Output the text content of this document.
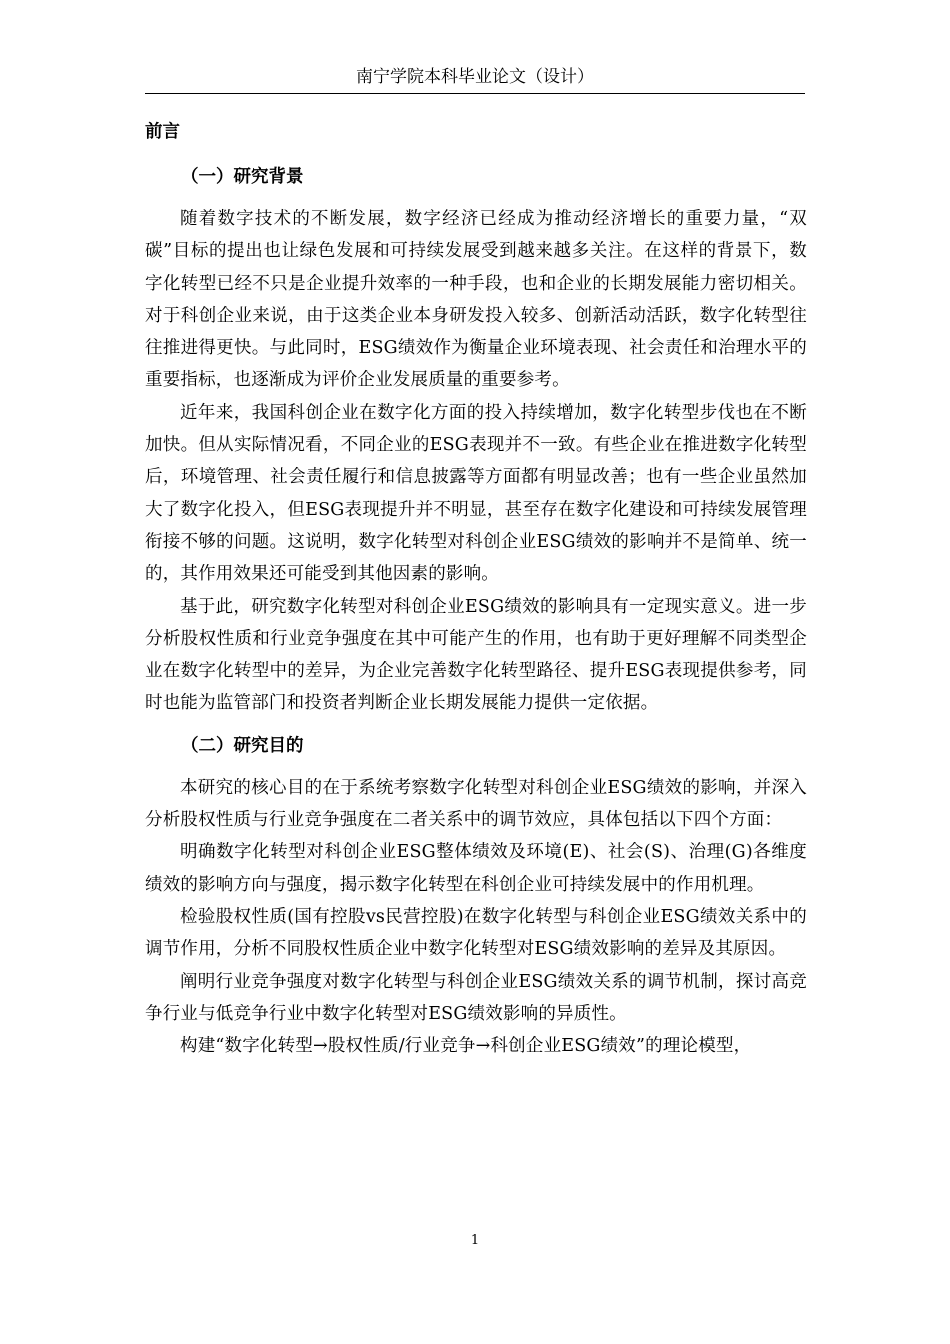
南宁学院本科毕业论文（设计）
前言
（一）研究背景

随着数字技术的不断发展，数字经济已经成为推动经济增长的重要力量，“双碳”目标的提出也让绿色发展和可持续发展受到越来越多关注。在这样的背景下，数字化转型已经不只是企业提升效率的一种手段，也和企业的长期发展能力密切相关。对于科创企业来说，由于这类企业本身研发投入较多、创新活动活跃，数字化转型往往推进得更快。与此同时，ESG绩效作为衡量企业环境表现、社会责任和治理水平的重要指标，也逐渐成为评价企业发展质量的重要参考。

近年来，我国科创企业在数字化方面的投入持续增加，数字化转型步伐也在不断加快。但从实际情况看，不同企业的ESG表现并不一致。有些企业在推进数字化转型后，环境管理、社会责任履行和信息披露等方面都有明显改善；也有一些企业虽然加大了数字化投入，但ESG表现提升并不明显，甚至存在数字化建设和可持续发展管理衔接不够的问题。这说明，数字化转型对科创企业ESG绩效的影响并不是简单、统一的，其作用效果还可能受到其他因素的影响。

基于此，研究数字化转型对科创企业ESG绩效的影响具有一定现实意义。进一步分析股权性质和行业竞争强度在其中可能产生的作用，也有助于更好理解不同类型企业在数字化转型中的差异，为企业完善数字化转型路径、提升ESG表现提供参考，同时也能为监管部门和投资者判断企业长期发展能力提供一定依据。

（二）研究目的

本研究的核心目的在于系统考察数字化转型对科创企业ESG绩效的影响，并深入分析股权性质与行业竞争强度在二者关系中的调节效应，具体包括以下四个方面：

明确数字化转型对科创企业ESG整体绩效及环境(E)、社会(S)、治理(G)各维度绩效的影响方向与强度，揭示数字化转型在科创企业可持续发展中的作用机理。

检验股权性质(国有控股vs民营控股)在数字化转型与科创企业ESG绩效关系中的调节作用，分析不同股权性质企业中数字化转型对ESG绩效影响的差异及其原因。

阐明行业竞争强度对数字化转型与科创企业ESG绩效关系的调节机制，探讨高竞争行业与低竞争行业中数字化转型对ESG绩效影响的异质性。

构建“数字化转型→股权性质/行业竞争→科创企业ESG绩效”的理论模型，

1
